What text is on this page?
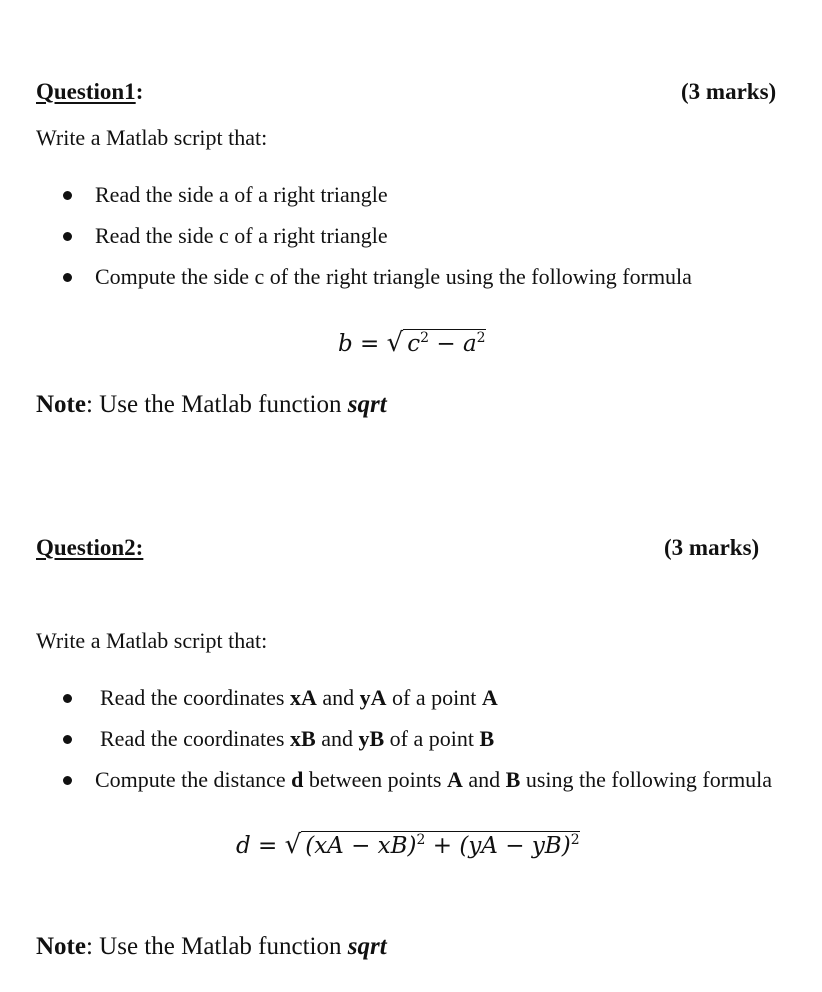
Question1:	(3 marks)
Write a Matlab script that:
Read the side a of a right triangle
Read the side c of a right triangle
Compute the side c of the right triangle using the following formula
b = √ $c^2 - a^2$
Note: Use the Matlab function sqrt
Question2:	(3 marks)
Write a Matlab script that:
Read the coordinates xA and yA of a point A
Read the coordinates xB and yB of a point B
Compute the distance d between points A and B using the following formula
d = √ (xA − xB)$^2$ + (yA − yB)$^2$
Note: Use the Matlab function sqrt
